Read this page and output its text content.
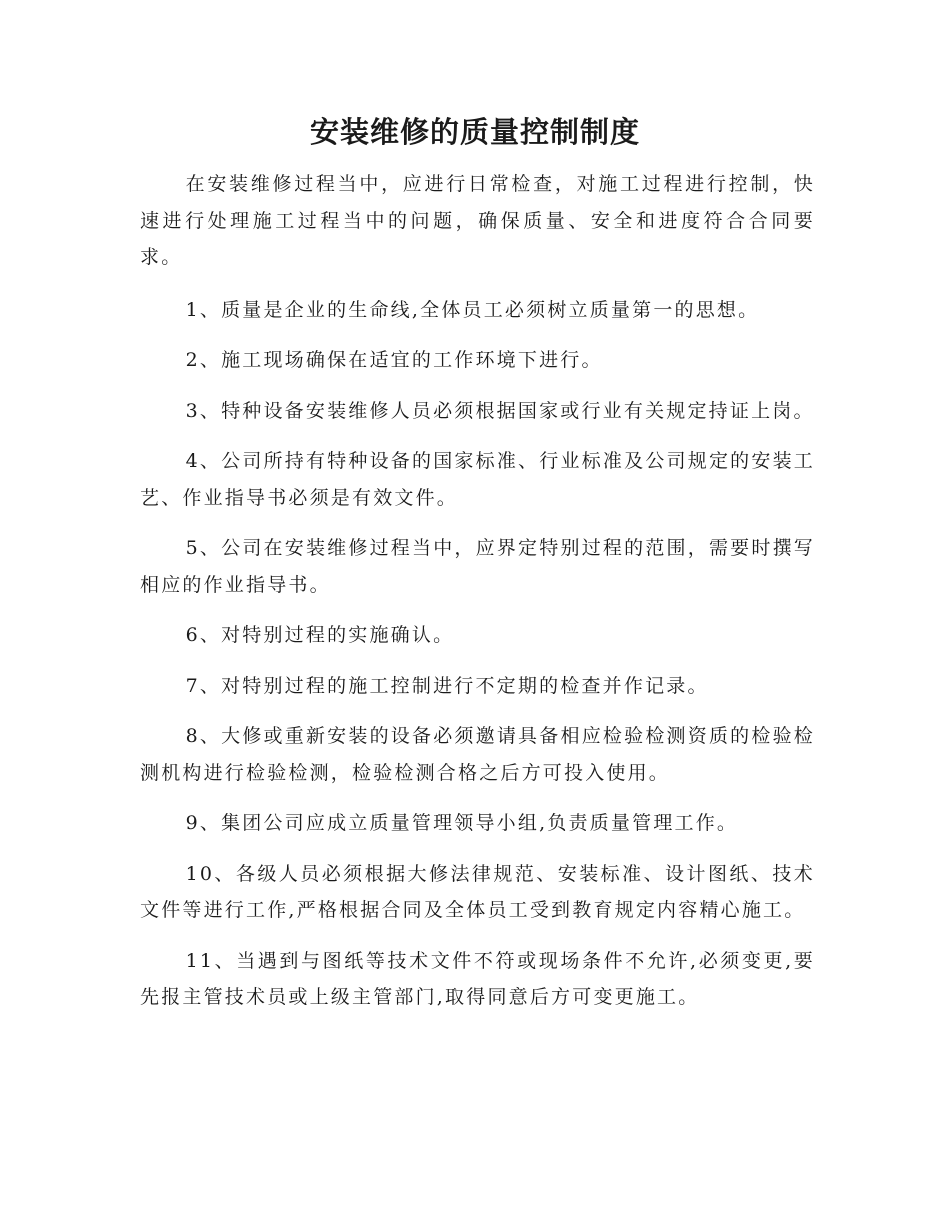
安装维修的质量控制制度

在安装维修过程当中，应进行日常检查，对施工过程进行控制，快速进行处理施工过程当中的问题，确保质量、安全和进度符合合同要求。

1、质量是企业的生命线,全体员工必须树立质量第一的思想。

2、施工现场确保在适宜的工作环境下进行。

3、特种设备安装维修人员必须根据国家或行业有关规定持证上岗。

4、公司所持有特种设备的国家标准、行业标准及公司规定的安装工艺、作业指导书必须是有效文件。

5、公司在安装维修过程当中，应界定特别过程的范围，需要时撰写相应的作业指导书。

6、对特别过程的实施确认。

7、对特别过程的施工控制进行不定期的检查并作记录。

8、大修或重新安装的设备必须邀请具备相应检验检测资质的检验检测机构进行检验检测，检验检测合格之后方可投入使用。

9、集团公司应成立质量管理领导小组,负责质量管理工作。

10、各级人员必须根据大修法律规范、安装标准、设计图纸、技术文件等进行工作,严格根据合同及全体员工受到教育规定内容精心施工。

11、当遇到与图纸等技术文件不符或现场条件不允许,必须变更,要先报主管技术员或上级主管部门,取得同意后方可变更施工。
